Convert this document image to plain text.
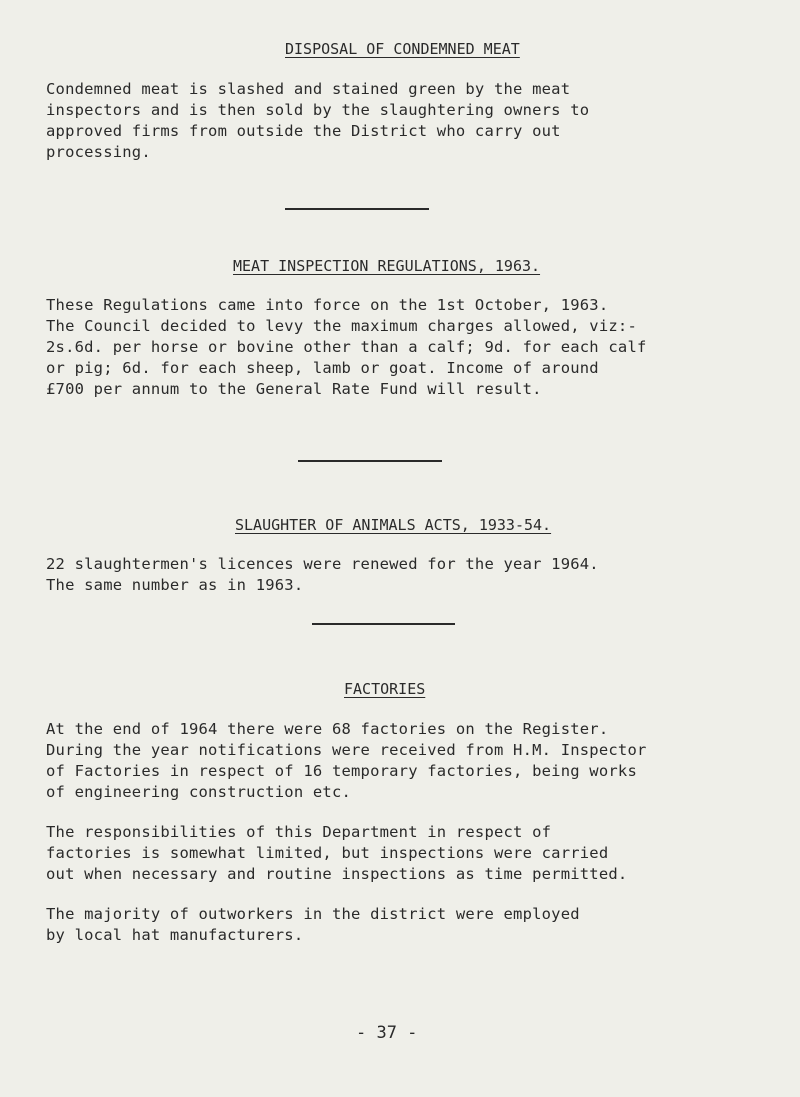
DISPOSAL OF CONDEMNED MEAT
Condemned meat is slashed and stained green by the meat
inspectors and is then sold by the slaughtering owners to
approved firms from outside the District who carry out
processing.
MEAT INSPECTION REGULATIONS, 1963.
These Regulations came into force on the 1st October, 1963.
The Council decided to levy the maximum charges allowed, viz:-
2s.6d. per horse or bovine other than a calf; 9d. for each calf
or pig; 6d. for each sheep, lamb or goat. Income of around
£700 per annum to the General Rate Fund will result.
SLAUGHTER OF ANIMALS ACTS, 1933-54.
22 slaughtermen's licences were renewed for the year 1964.
The same number as in 1963.
FACTORIES
At the end of 1964 there were 68 factories on the Register.
During the year notifications were received from H.M. Inspector
of Factories in respect of 16 temporary factories, being works
of engineering construction etc.
The responsibilities of this Department in respect of
factories is somewhat limited, but inspections were carried
out when necessary and routine inspections as time permitted.
The majority of outworkers in the district were employed
by local hat manufacturers.
- 37 -
